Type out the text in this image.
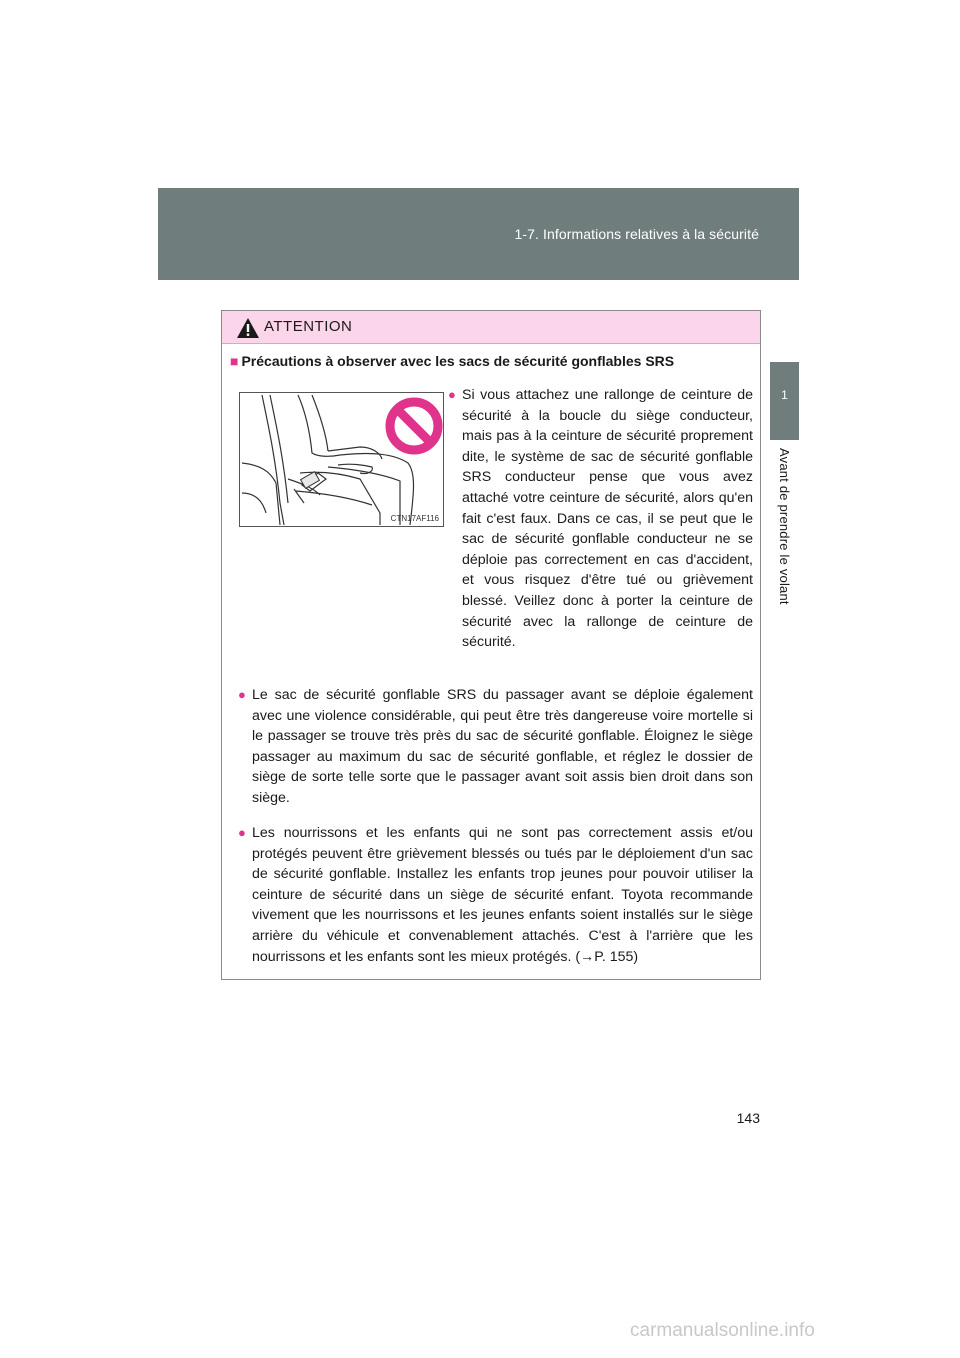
1-7. Informations relatives à la sécurité
1
Avant de prendre le volant
ATTENTION
■ Précautions à observer avec les sacs de sécurité gonflables SRS
CTN17AF116
● Si vous attachez une rallonge de ceinture de sécurité à la boucle du siège conducteur, mais pas à la ceinture de sécurité proprement dite, le système de sac de sécurité gonflable SRS conducteur pense que vous avez attaché votre ceinture de sécurité, alors qu'en fait c'est faux. Dans ce cas, il se peut que le sac de sécurité gonflable conducteur ne se déploie pas correctement en cas d'accident, et vous risquez d'être tué ou grièvement blessé. Veillez donc à porter la ceinture de sécurité avec la rallonge de ceinture de sécurité.
● Le sac de sécurité gonflable SRS du passager avant se déploie également avec une violence considérable, qui peut être très dangereuse voire mortelle si le passager se trouve très près du sac de sécurité gonflable. Éloignez le siège passager au maximum du sac de sécurité gonflable, et réglez le dossier de siège de sorte telle sorte que le passager avant soit assis bien droit dans son siège.
● Les nourrissons et les enfants qui ne sont pas correctement assis et/ou protégés peuvent être grièvement blessés ou tués par le déploiement d'un sac de sécurité gonflable. Installez les enfants trop jeunes pour pouvoir utiliser la ceinture de sécurité dans un siège de sécurité enfant. Toyota recommande vivement que les nourrissons et les jeunes enfants soient installés sur le siège arrière du véhicule et convenablement attachés. C'est à l'arrière que les nourrissons et les enfants sont les mieux protégés. (→P. 155)
143
carmanualsonline.info
